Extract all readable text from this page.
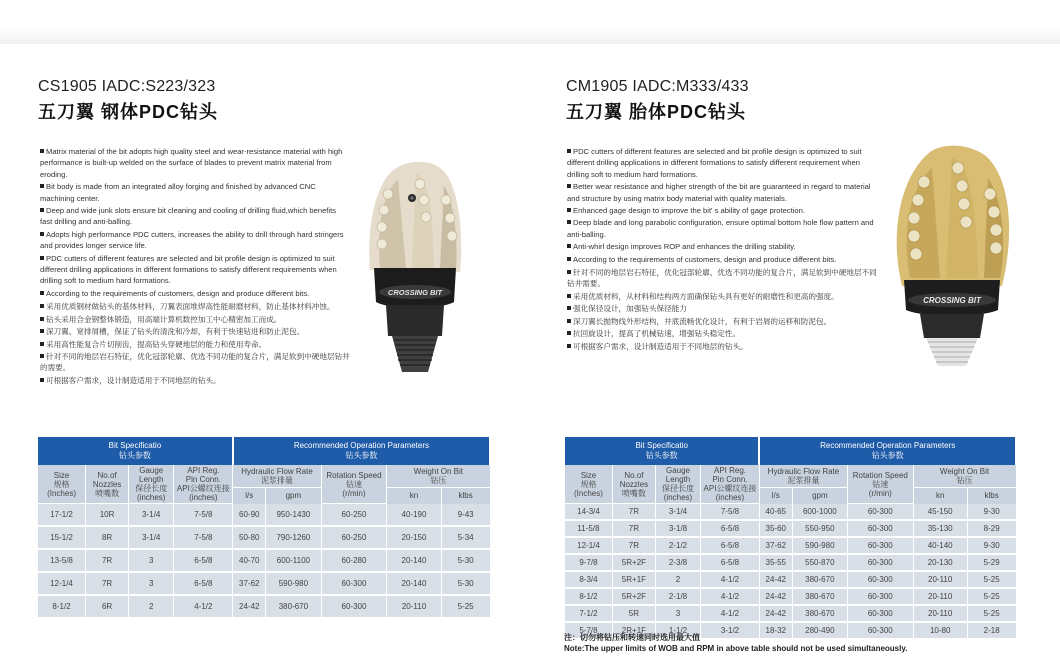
CS1905 IADC:S223/323
五刀翼 钢体PDC钻头

Matrix material of the bit adopts high quality steel and wear-resistance material with high performance is built-up welded on the surface of blades to prevent matrix material from eroding.

Bit body is made from an integrated alloy forging and finished by advanced CNC machining center.

Deep and wide junk slots ensure bit cleaning and cooling of drilling fluid,which benefits fast drilling and anti-balling.

Adopts high performance PDC cutters, increases the ability to drill through hard stringers and provides longer service life.

PDC cutters of different features are selected and bit profile design is optimized to suit different drilling applications in different formations to satisfy different requirements when drilling soft to medium hard formations.

According to the requirements of customers, design and produce different bits.

采用优质钢材做钻头的基体材料，刀翼表面堆焊高性能耐磨材料，防止基体材料冲蚀。

钻头采用合金钢整体锻造，用高端计算机数控加工中心精密加工而成。

深刀翼、宽排屑槽，保证了钻头的清洗和冷却，有利于快速钻进和防止泥包。

采用高性能复合片切削齿，提高钻头穿硬地层的能力和使用寿命。

针对不同的地层岩石特征，优化冠部轮廓、优选不同功能的复合片，满足软到中硬地层钻井的需要。

可根据客户需求，设计制造适用于不同地层的钻头。

CROSSING BIT
Bit Specificatio
钻头参数				Recommended Operation Parameters
钻头参数				
Size
规格
(Inches)	No.of
Nozzles
喷嘴数	Gauge
Length
保径长度
(inches)	API Reg.
Pin Conn.
API公螺纹连接
(inches)	Hydraulic Flow Rate
泥浆排量		Rotation Speed
钻速
(r/min)	Weight On Bit
钻压	
				l/s	gpm		kn	klbs
17-1/2	10R	3-1/4	7-5/8	60-90	950-1430	60-250	40-190	9-43
15-1/2	8R	3-1/4	7-5/8	50-80	790-1260	60-250	20-150	5-34
13-5/8	7R	3	6-5/8	40-70	600-1100	60-280	20-140	5-30
12-1/4	7R	3	6-5/8	37-62	590-980	60-300	20-140	5-30
8-1/2	6R	2	4-1/2	24-42	380-670	60-300	20-110	5-25
CM1905 IADC:M333/433
五刀翼 胎体PDC钻头

PDC cutters of different features are selected and bit profile design is optimized to suit different drilling applications in different formations to satisfy different requirement when drilling soft to medium hard formations.

Better wear resistance and higher strength of the bit are guaranteed in regard to material and structure by using matrix body material with quality materials.

Enhanced gage design to improve the bit' s ability of gage protection.

Deep blade and long parabolic configuration, ensure optimal bottom hole flow pattern and anti-balling.

Anti-whirl design improves ROP and enhances the drilling stability.

According to the requirements of customers, design and produce different bits.

针对不同的地层岩石特征，优化冠部轮廓、优选不同功能的复合片，满足软到中硬地层不同钻井需要。

采用优质材料，从材料和结构两方面确保钻头具有更好的耐磨性和更高的强度。

强化保径设计，加强钻头保径能力

深刀翼长抛物线外形结构，井底流畅优化设计，有利于岩屑的运移和防泥包。

抗回旋设计，提高了机械钻速，增强钻头稳定性。

可根据客户需求，设计制造适用于不同地层的钻头。

CROSSING BIT
Bit Specificatio
钻头参数				Recommended Operation Parameters
钻头参数				
Size
规格
(Inches)	No.of
Nozzles
喷嘴数	Gauge
Length
保径长度
(inches)	API Reg.
Pin Conn.
API公螺纹连接
(inches)	Hydraulic Flow Rate
泥浆排量		Rotation Speed
钻速
(r/min)	Weight On Bit
钻压	
				l/s	gpm		kn	klbs
14-3/4	7R	3-1/4	7-5/8	40-65	600-1000	60-300	45-150	9-30
11-5/8	7R	3-1/8	6-5/8	35-60	550-950	60-300	35-130	8-29
12-1/4	7R	2-1/2	6-5/8	37-62	590-980	60-300	40-140	9-30
9-7/8	5R+2F	2-3/8	6-5/8	35-55	550-870	60-300	20-130	5-29
8-3/4	5R+1F	2	4-1/2	24-42	380-670	60-300	20-110	5-25
8-1/2	5R+2F	2-1/8	4-1/2	24-42	380-670	60-300	20-110	5-25
7-1/2	5R	3	4-1/2	24-42	380-670	60-300	20-110	5-25
5-7/8	2R+1F	1-1/2	3-1/2	18-32	280-490	60-300	10-80	2-18
注：切勿将钻压和转速同时选用最大值
Note:The upper limits of WOB and RPM in above table should not be used simultaneously.
